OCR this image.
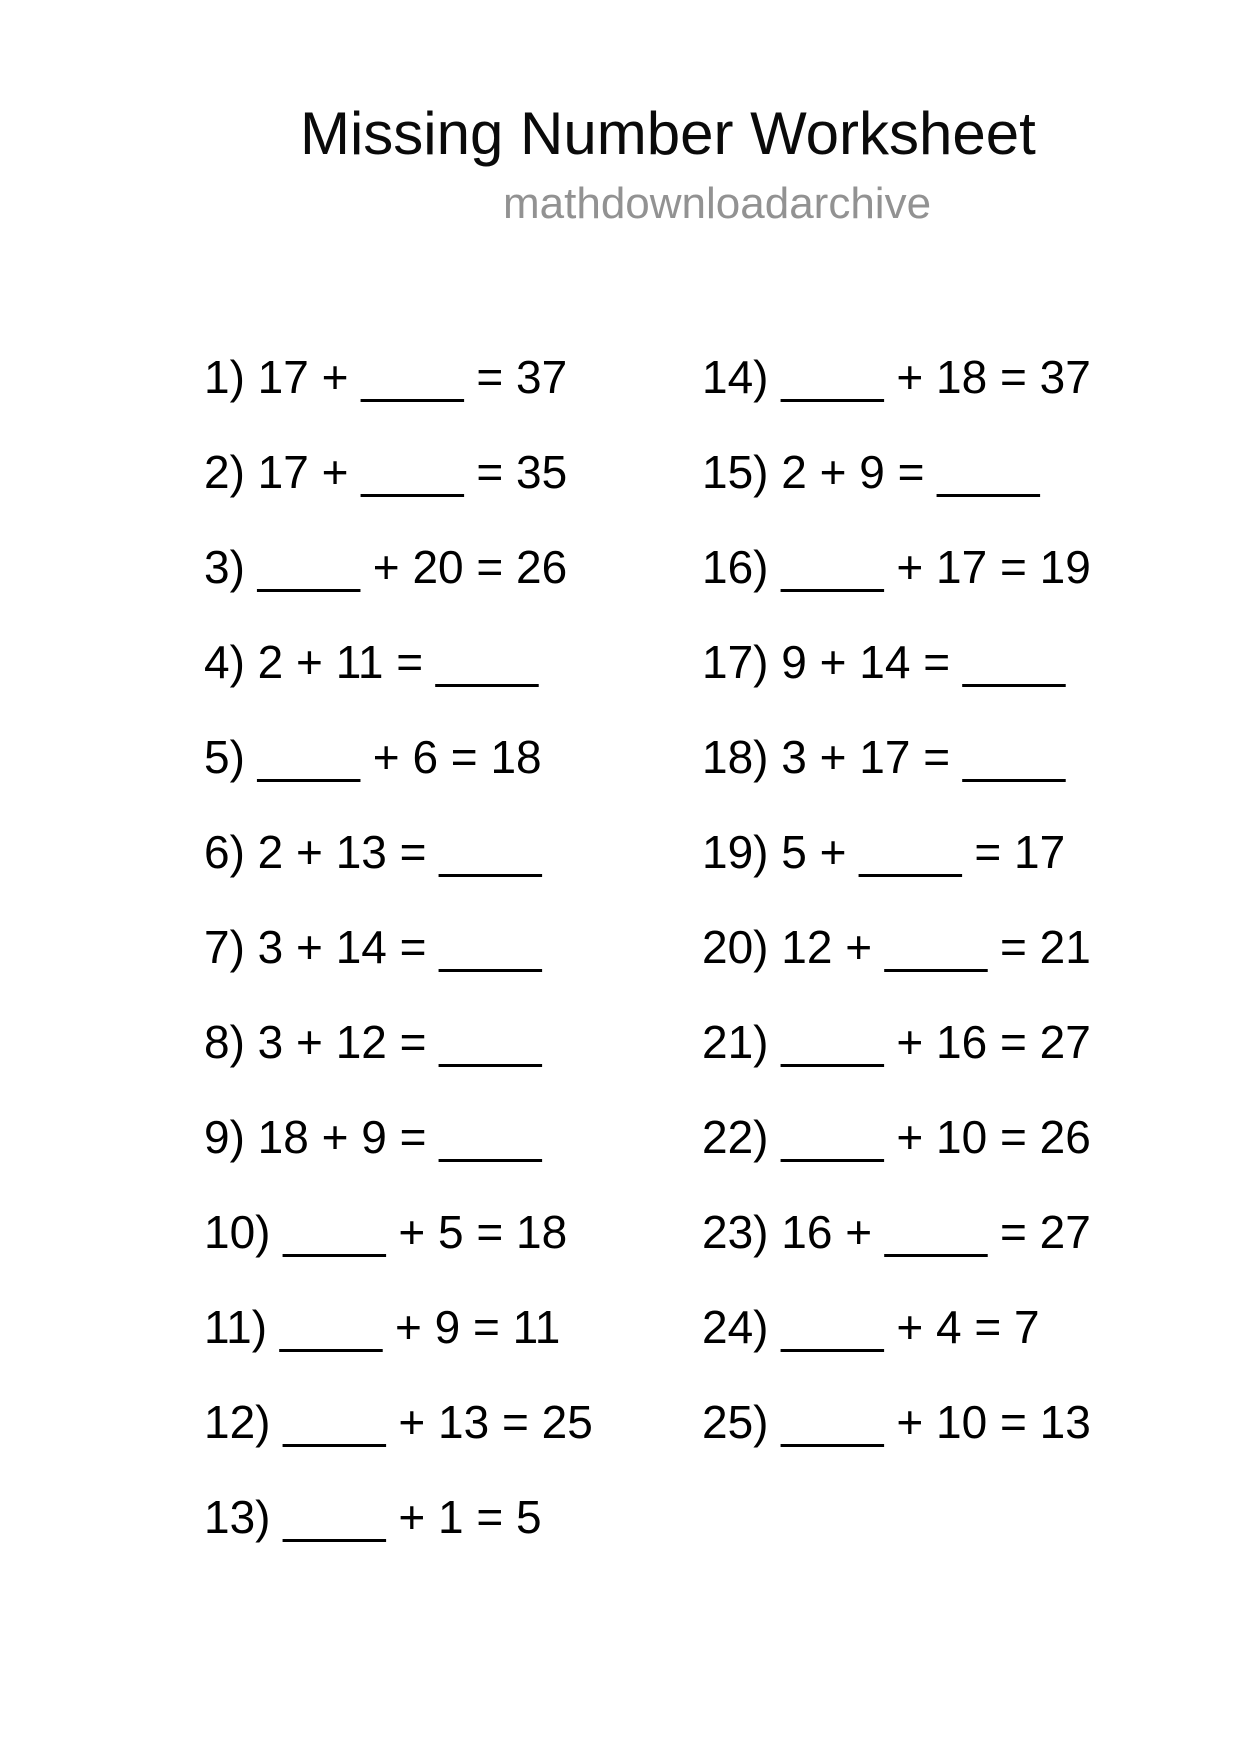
Missing Number Worksheet
mathdownloadarchive
1) 17 + ____ = 37
2) 17 + ____ = 35
3) ____ + 20 = 26
4) 2 + 11 = ____
5) ____ + 6 = 18
6) 2 + 13 = ____
7) 3 + 14 = ____
8) 3 + 12 = ____
9) 18 + 9 = ____
10) ____ + 5 = 18
11) ____ + 9 = 11
12) ____ + 13 = 25
13) ____ + 1 = 5
14) ____ + 18 = 37
15) 2 + 9 = ____
16) ____ + 17 = 19
17) 9 + 14 = ____
18) 3 + 17 = ____
19) 5 + ____ = 17
20) 12 + ____ = 21
21) ____ + 16 = 27
22) ____ + 10 = 26
23) 16 + ____ = 27
24) ____ + 4 = 7
25) ____ + 10 = 13
